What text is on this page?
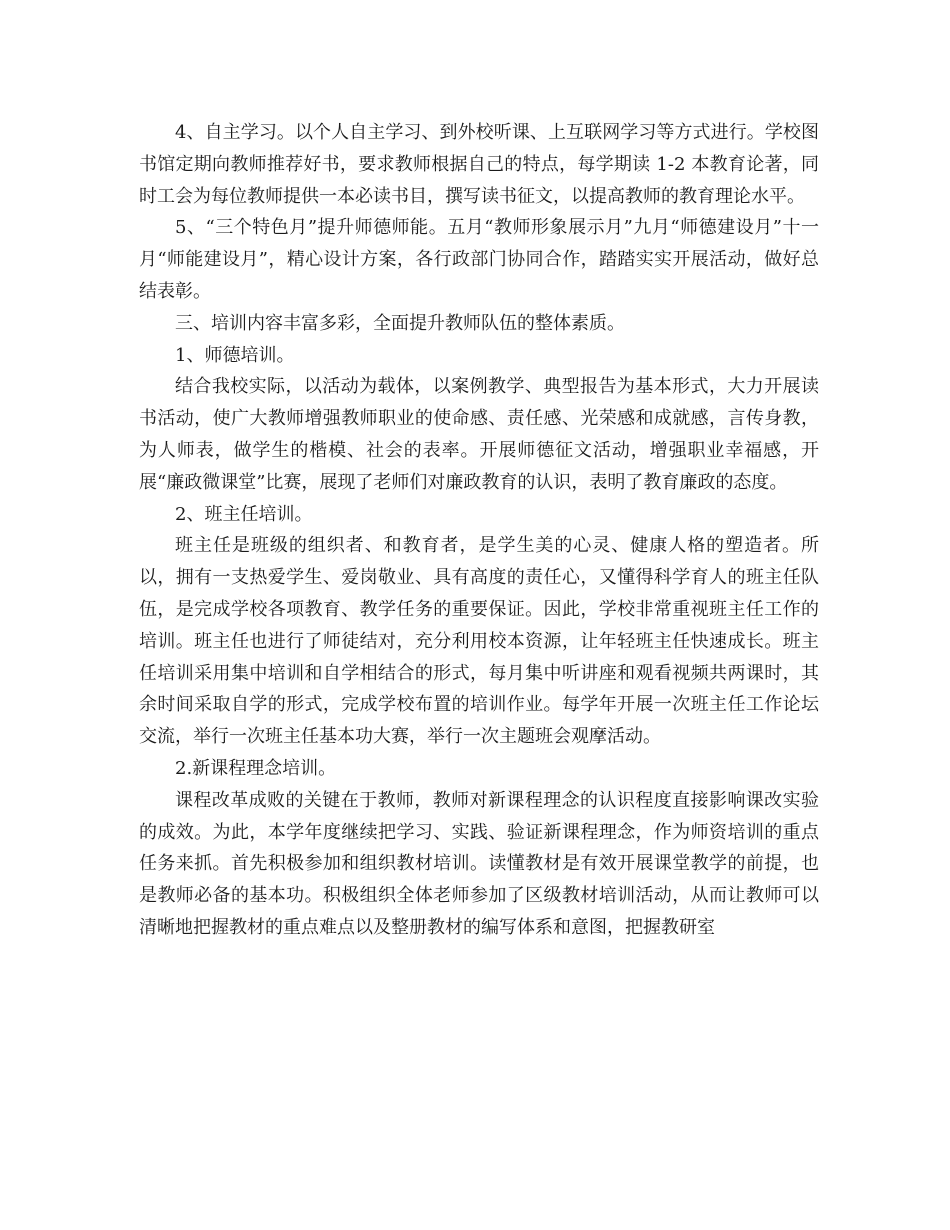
4、自主学习。以个人自主学习、到外校听课、上互联网学习等方式进行。学校图书馆定期向教师推荐好书，要求教师根据自己的特点，每学期读 1-2 本教育论著，同时工会为每位教师提供一本必读书目，撰写读书征文，以提高教师的教育理论水平。

5、“三个特色月”提升师德师能。五月“教师形象展示月”九月“师德建设月”十一月“师能建设月”，精心设计方案，各行政部门协同合作，踏踏实实开展活动，做好总结表彰。

三、培训内容丰富多彩，全面提升教师队伍的整体素质。

1、师德培训。

结合我校实际，以活动为载体，以案例教学、典型报告为基本形式，大力开展读书活动，使广大教师增强教师职业的使命感、责任感、光荣感和成就感，言传身教，为人师表，做学生的楷模、社会的表率。开展师德征文活动，增强职业幸福感，开展“廉政微课堂”比赛，展现了老师们对廉政教育的认识，表明了教育廉政的态度。

2、班主任培训。

班主任是班级的组织者、和教育者，是学生美的心灵、健康人格的塑造者。所以，拥有一支热爱学生、爱岗敬业、具有高度的责任心，又懂得科学育人的班主任队伍，是完成学校各项教育、教学任务的重要保证。因此，学校非常重视班主任工作的培训。班主任也进行了师徒结对，充分利用校本资源，让年轻班主任快速成长。班主任培训采用集中培训和自学相结合的形式，每月集中听讲座和观看视频共两课时，其余时间采取自学的形式，完成学校布置的培训作业。每学年开展一次班主任工作论坛交流，举行一次班主任基本功大赛，举行一次主题班会观摩活动。

2.新课程理念培训。

课程改革成败的关键在于教师，教师对新课程理念的认识程度直接影响课改实验的成效。为此，本学年度继续把学习、实践、验证新课程理念，作为师资培训的重点任务来抓。首先积极参加和组织教材培训。读懂教材是有效开展课堂教学的前提，也是教师必备的基本功。积极组织全体老师参加了区级教材培训活动，从而让教师可以清晰地把握教材的重点难点以及整册教材的编写体系和意图，把握教研室
